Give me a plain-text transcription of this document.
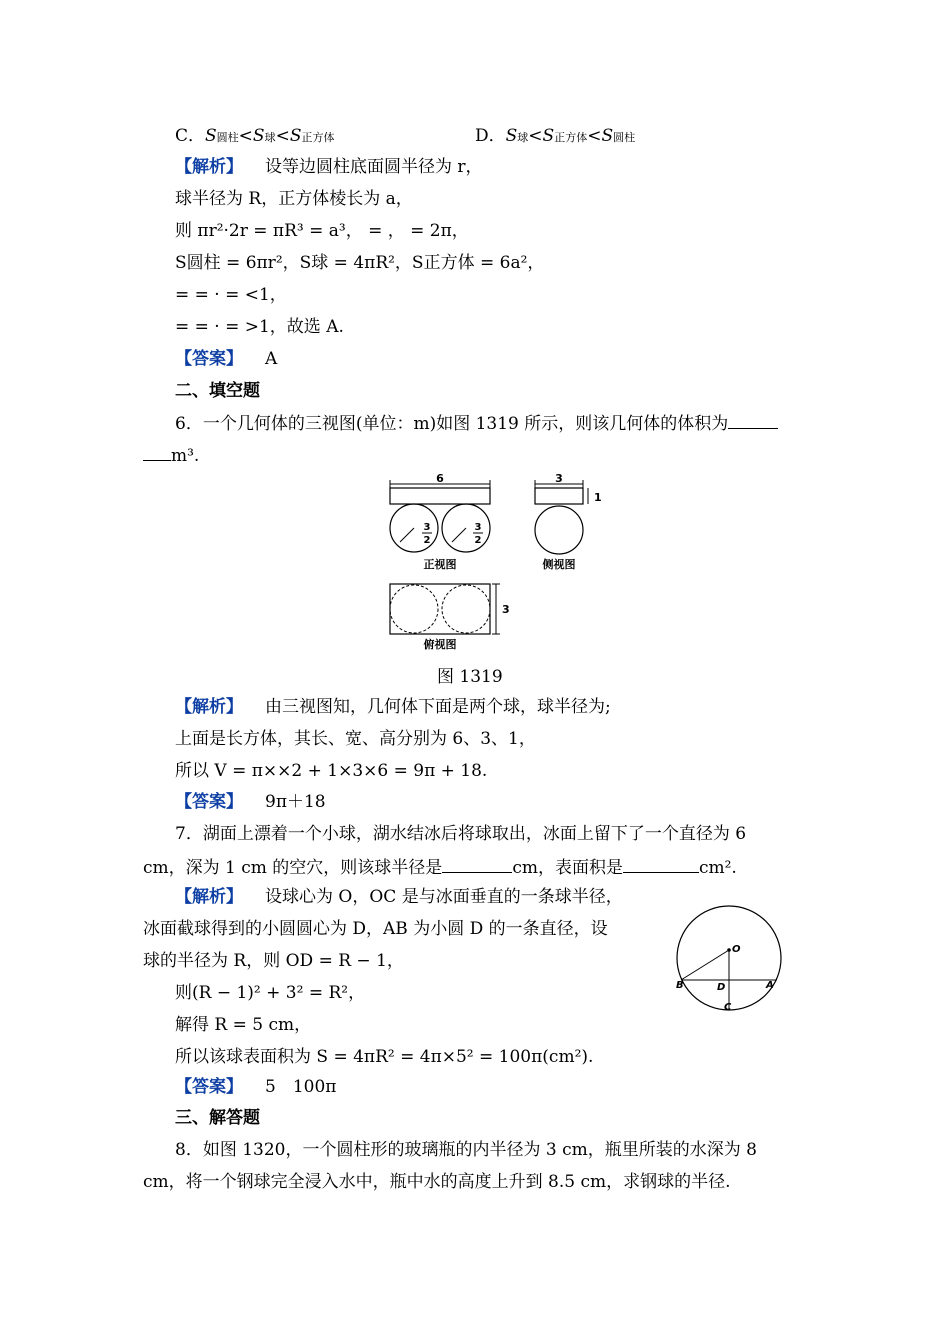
C．S圆柱<S球<S正方体	D．S球<S正方体<S圆柱
【解析】 设等边圆柱底面圆半径为 r，
球半径为 R，正方体棱长为 a，
则 πr²·2r = πR³ = a³， = ， = 2π，
S圆柱 = 6πr²，S球 = 4πR²，S正方体 = 6a²，
= = · = <1，
= = · = >1，故选 A.
【答案】 A
二、填空题
6．一个几何体的三视图(单位：m)如图 1319 所示，则该几何体的体积为
m³.
6
3
2
3
2
正视图
3
1
侧视图
3
俯视图
图 1319
【解析】 由三视图知，几何体下面是两个球，球半径为;
上面是长方体，其长、宽、高分别为 6、3、1，
所以 V = π××2 + 1×3×6 = 9π + 18.
【答案】 9π＋18
7．湖面上漂着一个小球，湖水结冰后将球取出，冰面上留下了一个直径为 6
cm，深为 1 cm 的空穴，则该球半径是	cm，表面积是	cm².
【解析】 设球心为 O，OC 是与冰面垂直的一条球半径，
冰面截球得到的小圆圆心为 D，AB 为小圆 D 的一条直径，设
球的半径为 R，则 OD = R − 1，
则(R − 1)² + 3² = R²，
解得 R = 5 cm，
所以该球表面积为 S = 4πR² = 4π×5² = 100π(cm²).
O
B	D	A
C
【答案】 5　100π
三、解答题
8．如图 1320，一个圆柱形的玻璃瓶的内半径为 3 cm，瓶里所装的水深为 8
cm，将一个钢球完全浸入水中，瓶中水的高度上升到 8.5 cm，求钢球的半径.
